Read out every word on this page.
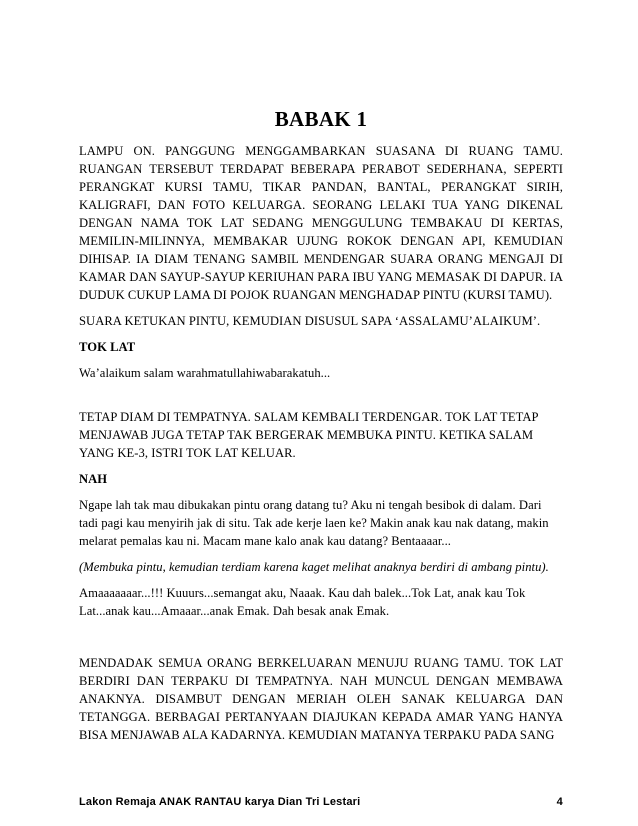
BABAK 1
LAMPU ON. PANGGUNG MENGGAMBARKAN SUASANA DI RUANG TAMU. RUANGAN TERSEBUT TERDAPAT BEBERAPA PERABOT SEDERHANA, SEPERTI PERANGKAT KURSI TAMU, TIKAR PANDAN, BANTAL, PERANGKAT SIRIH, KALIGRAFI, DAN FOTO KELUARGA. SEORANG LELAKI TUA YANG DIKENAL DENGAN NAMA TOK LAT SEDANG MENGGULUNG TEMBAKAU DI KERTAS, MEMILIN-MILINNYA, MEMBAKAR UJUNG ROKOK DENGAN API, KEMUDIAN DIHISAP. IA DIAM TENANG SAMBIL MENDENGAR SUARA ORANG MENGAJI DI KAMAR DAN SAYUP-SAYUP KERIUHAN PARA IBU YANG MEMASAK DI DAPUR. IA DUDUK CUKUP LAMA DI POJOK RUANGAN MENGHADAP PINTU (KURSI TAMU).
SUARA KETUKAN PINTU, KEMUDIAN DISUSUL SAPA ‘ASSALAMU’ALAIKUM’.
TOK LAT
Wa’alaikum salam warahmatullahiwabarakatuh...
TETAP DIAM DI TEMPATNYA. SALAM KEMBALI TERDENGAR. TOK LAT TETAP MENJAWAB JUGA TETAP TAK BERGERAK MEMBUKA PINTU. KETIKA SALAM YANG KE-3, ISTRI TOK LAT KELUAR.
NAH
Ngape lah tak mau dibukakan pintu orang datang tu? Aku ni tengah besibok di dalam. Dari tadi pagi kau menyirih jak di situ. Tak ade kerje laen ke? Makin anak kau nak datang, makin melarat pemalas kau ni. Macam mane kalo anak kau datang? Bentaaaar...
(Membuka pintu, kemudian terdiam karena kaget melihat anaknya berdiri di ambang pintu).
Amaaaaaaar...!!! Kuuurs...semangat aku, Naaak. Kau dah balek...Tok Lat, anak kau Tok Lat...anak kau...Amaaar...anak Emak. Dah besak anak Emak.
MENDADAK SEMUA ORANG BERKELUARAN MENUJU RUANG TAMU. TOK LAT BERDIRI DAN TERPAKU DI TEMPATNYA. NAH MUNCUL DENGAN MEMBAWA ANAKNYA. DISAMBUT DENGAN MERIAH OLEH SANAK KELUARGA DAN TETANGGA. BERBAGAI PERTANYAAN DIAJUKAN KEPADA AMAR YANG HANYA BISA MENJAWAB ALA KADARNYA. KEMUDIAN MATANYA TERPAKU PADA SANG
Lakon Remaja ANAK RANTAU karya Dian Tri Lestari	4
